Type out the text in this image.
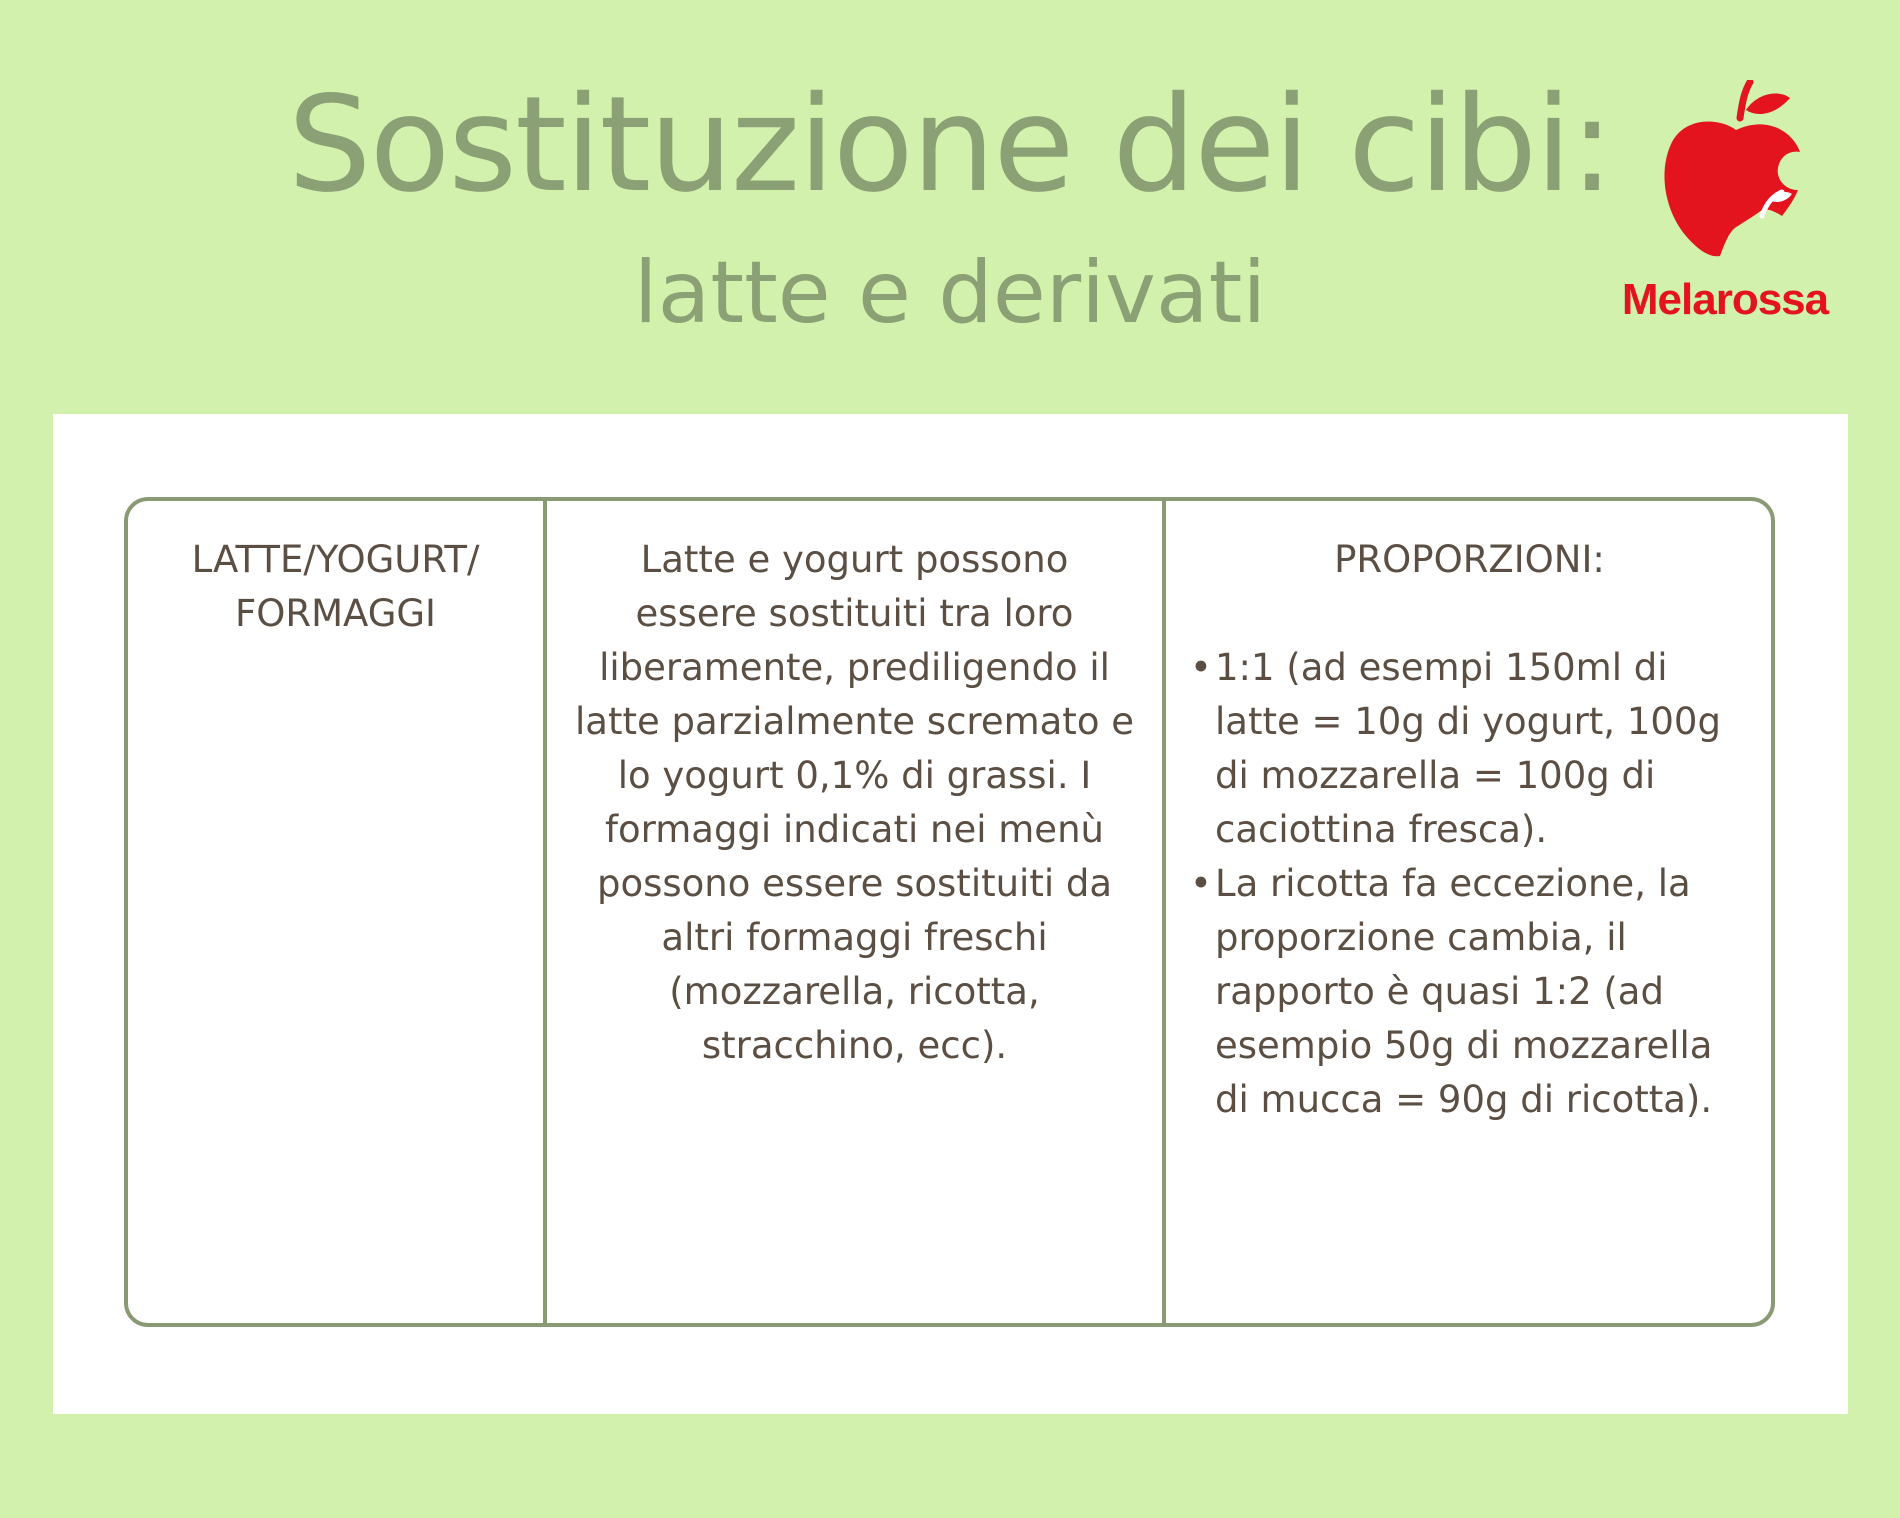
Sostituzione dei cibi:
latte e derivati	Melarossa
LATTE/YOGURT/
FORMAGGI
Latte e yogurt possono essere sostituiti tra loro liberamente, prediligendo il latte parzialmente scremato e lo yogurt 0,1% di grassi. I formaggi indicati nei menù possono essere sostituiti da altri formaggi freschi (mozzarella, ricotta, stracchino, ecc).
PROPORZIONI:
• 1:1 (ad esempi 150ml di latte = 10g di yogurt, 100g di mozzarella = 100g di caciottina fresca).
• La ricotta fa eccezione, la proporzione cambia, il rapporto è quasi 1:2 (ad esempio 50g di mozzarella di mucca = 90g di ricotta).
